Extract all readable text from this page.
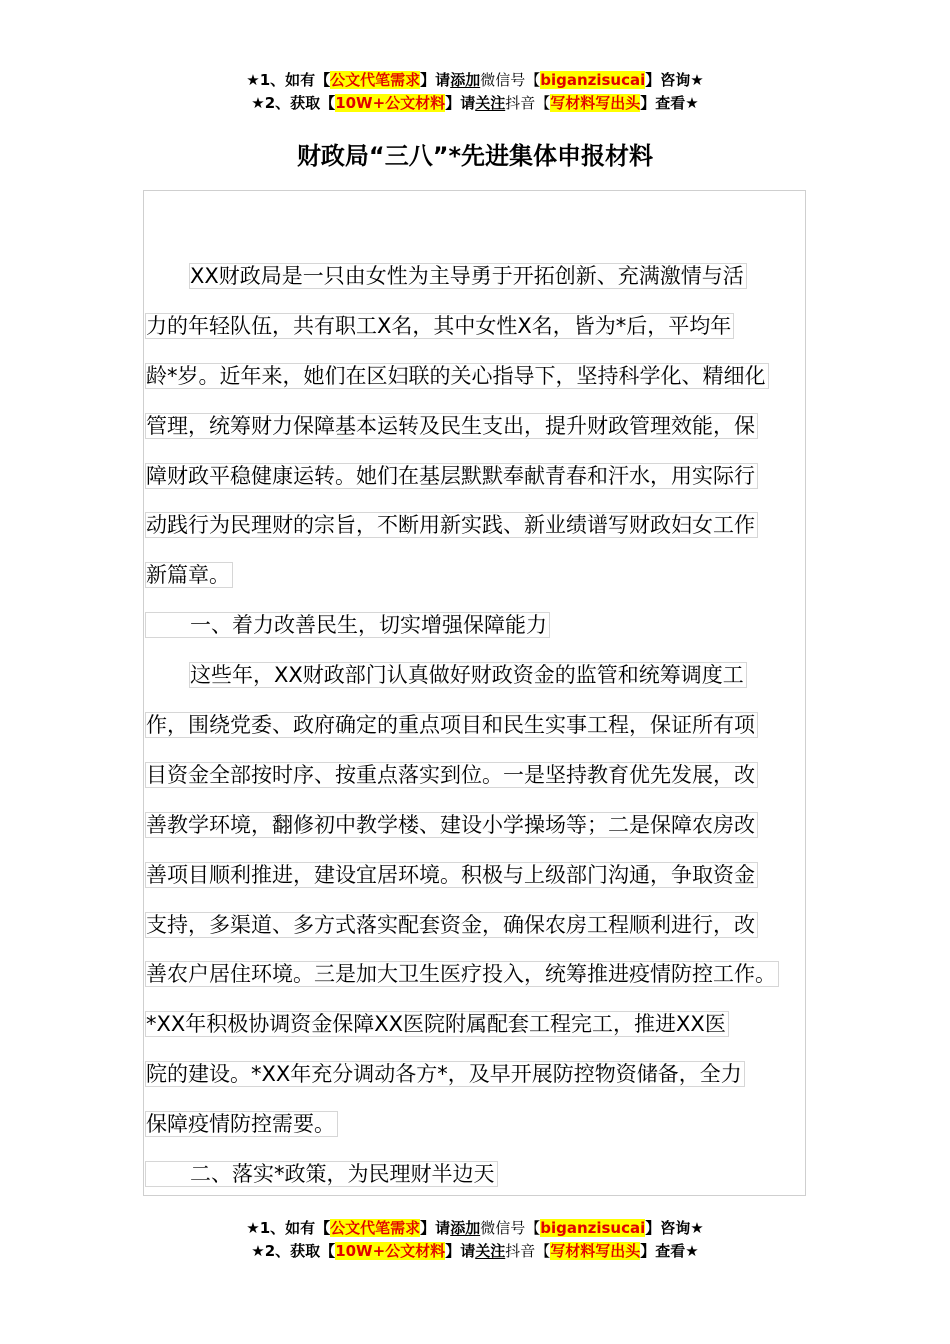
★1、如有【公文代笔需求】请添加微信号【biganzisucai】咨询★
★2、获取【10W+公文材料】请关注抖音【写材料写出头】查看★
财政局“三八”*先进集体申报材料
XX财政局是一只由女性为主导勇于开拓创新、充满激情与活
力的年轻队伍，共有职工X名，其中女性X名，皆为*后，平均年
龄*岁。近年来，她们在区妇联的关心指导下，坚持科学化、精细化
管理，统筹财力保障基本运转及民生支出，提升财政管理效能，保
障财政平稳健康运转。她们在基层默默奉献青春和汗水，用实际行
动践行为民理财的宗旨，不断用新实践、新业绩谱写财政妇女工作
新篇章。
一、着力改善民生，切实增强保障能力
这些年，XX财政部门认真做好财政资金的监管和统筹调度工
作，围绕党委、政府确定的重点项目和民生实事工程，保证所有项
目资金全部按时序、按重点落实到位。一是坚持教育优先发展，改
善教学环境，翻修初中教学楼、建设小学操场等；二是保障农房改
善项目顺利推进，建设宜居环境。积极与上级部门沟通，争取资金
支持，多渠道、多方式落实配套资金，确保农房工程顺利进行，改
善农户居住环境。三是加大卫生医疗投入，统筹推进疫情防控工作。
*XX年积极协调资金保障XX医院附属配套工程完工，推进XX医
院的建设。*XX年充分调动各方*，及早开展防控物资储备，全力
保障疫情防控需要。
二、落实*政策，为民理财半边天
★1、如有【公文代笔需求】请添加微信号【biganzisucai】咨询★
★2、获取【10W+公文材料】请关注抖音【写材料写出头】查看★
